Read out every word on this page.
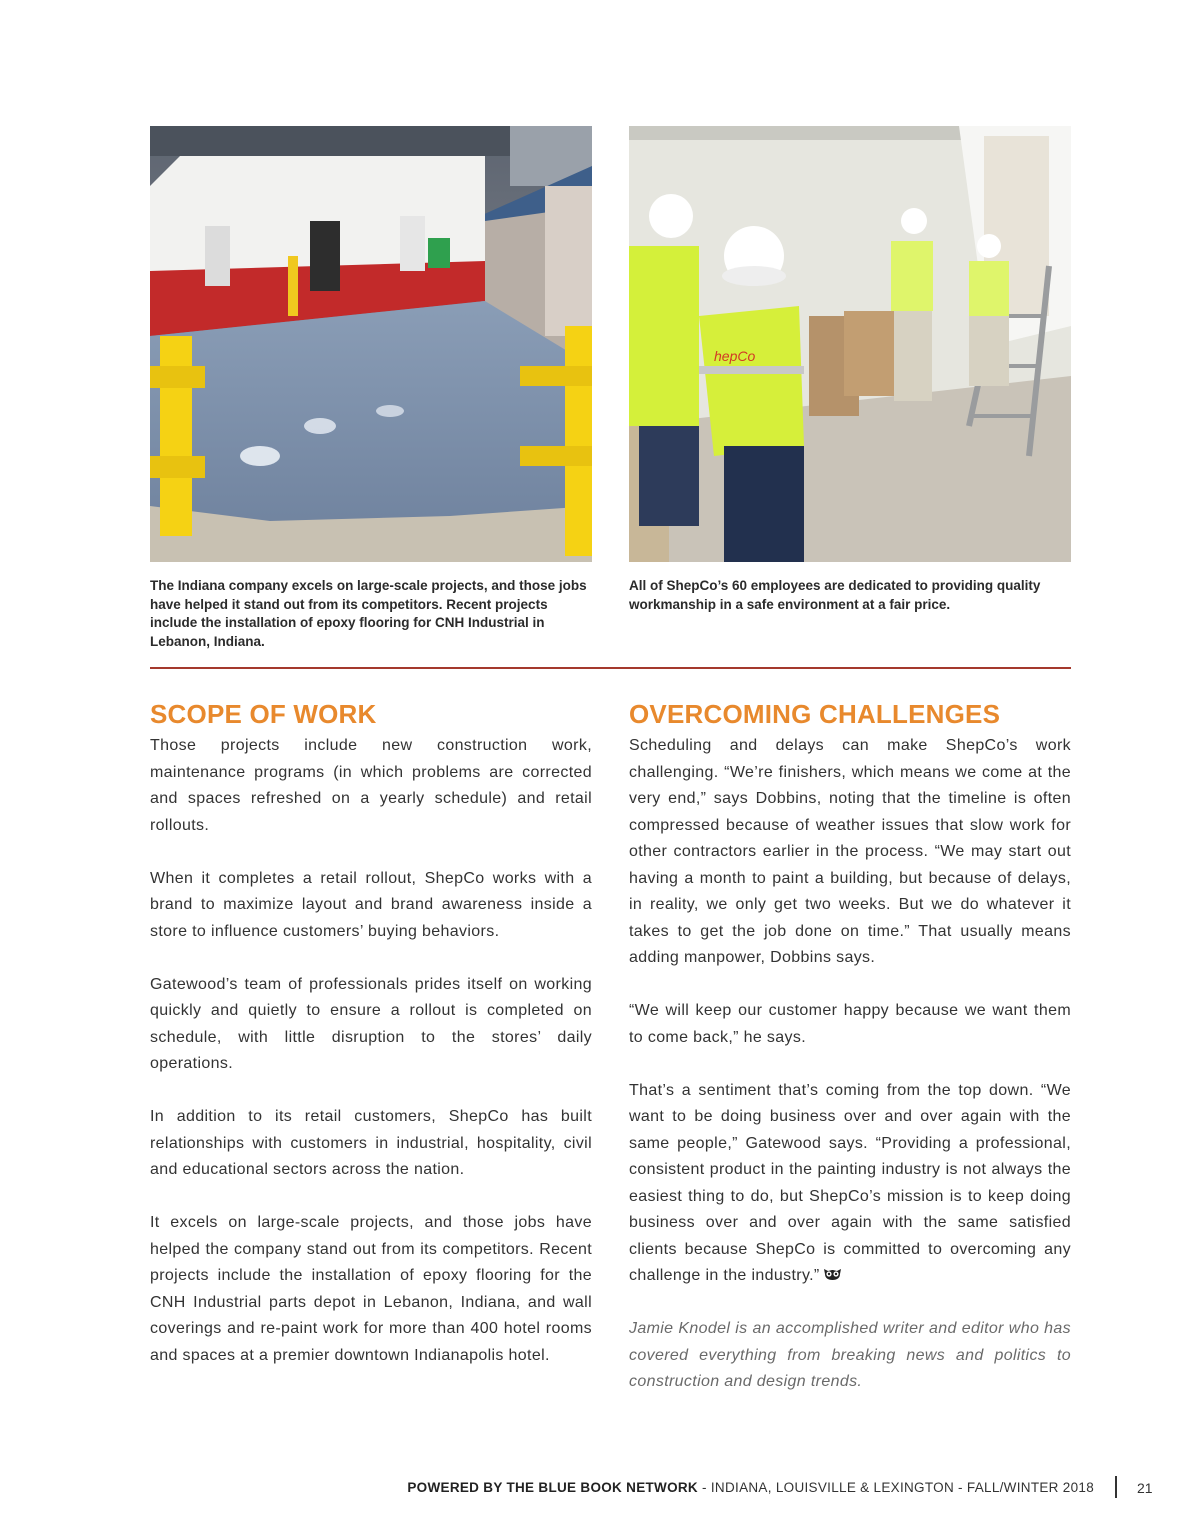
hepCo

The Indiana company excels on large-scale projects, and those jobs have helped it stand out from its competitors. Recent projects include the installation of epoxy flooring for CNH Industrial in Lebanon, Indiana.

All of ShepCo’s 60 employees are dedicated to providing quality workmanship in a safe environment at a fair price.

SCOPE OF WORK

Those projects include new construction work, maintenance programs (in which problems are corrected and spaces refreshed on a yearly schedule) and retail rollouts.

When it completes a retail rollout, ShepCo works with a brand to maximize layout and brand awareness inside a store to influence customers’ buying behaviors.

Gatewood’s team of professionals prides itself on working quickly and quietly to ensure a rollout is completed on schedule, with little disruption to the stores’ daily operations.

In addition to its retail customers, ShepCo has built relationships with customers in industrial, hospitality, civil and educational sectors across the nation.

It excels on large-scale projects, and those jobs have helped the company stand out from its competitors. Recent projects include the installation of epoxy flooring for the CNH Industrial parts depot in Lebanon, Indiana, and wall coverings and re-paint work for more than 400 hotel rooms and spaces at a premier downtown Indianapolis hotel.

OVERCOMING CHALLENGES

Scheduling and delays can make ShepCo’s work challenging. “We’re finishers, which means we come at the very end,” says Dobbins, noting that the timeline is often compressed because of weather issues that slow work for other contractors earlier in the process. “We may start out having a month to paint a building, but because of delays, in reality, we only get two weeks. But we do whatever it takes to get the job done on time.” That usually means adding manpower, Dobbins says.

“We will keep our customer happy because we want them to come back,” he says.

That’s a sentiment that’s coming from the top down. “We want to be doing business over and over again with the same people,” Gatewood says. “Providing a professional, consistent product in the painting industry is not always the easiest thing to do, but ShepCo’s mission is to keep doing business over and over again with the same satisfied clients because ShepCo is committed to overcoming any challenge in the industry.”

Jamie Knodel is an accomplished writer and editor who has covered everything from breaking news and politics to construction and design trends.

POWERED BY THE BLUE BOOK NETWORK - INDIANA, LOUISVILLE & LEXINGTON - FALL/WINTER 2018	21
